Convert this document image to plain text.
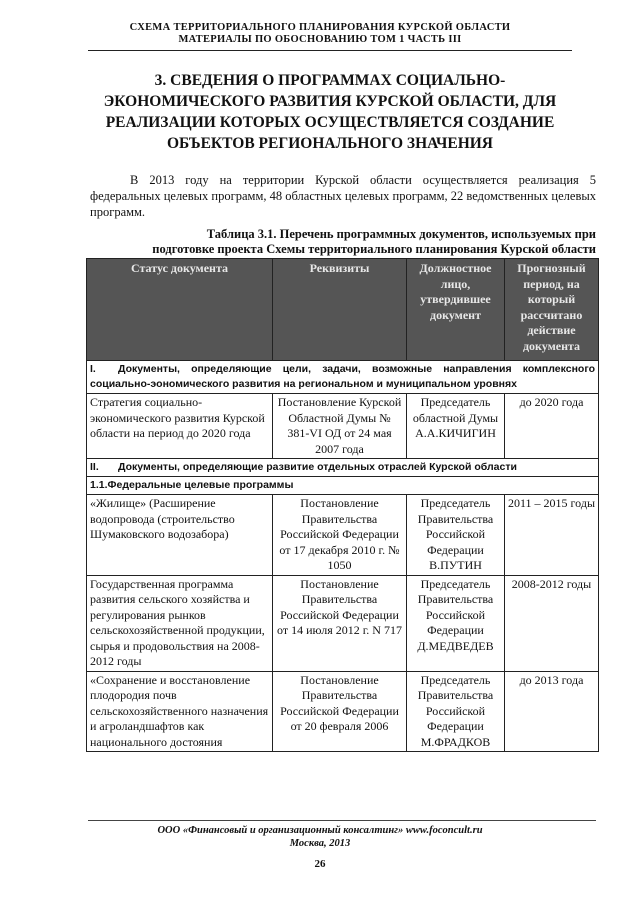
СХЕМА ТЕРРИТОРИАЛЬНОГО ПЛАНИРОВАНИЯ КУРСКОЙ ОБЛАСТИ
МАТЕРИАЛЫ ПО ОБОСНОВАНИЮ ТОМ 1 ЧАСТЬ III
3. СВЕДЕНИЯ О ПРОГРАММАХ СОЦИАЛЬНО-ЭКОНОМИЧЕСКОГО РАЗВИТИЯ КУРСКОЙ ОБЛАСТИ, ДЛЯ РЕАЛИЗАЦИИ КОТОРЫХ ОСУЩЕСТВЛЯЕТСЯ СОЗДАНИЕ ОБЪЕКТОВ РЕГИОНАЛЬНОГО ЗНАЧЕНИЯ

В 2013 году на территории Курской области осуществляется реализация 5 федеральных целевых программ, 48 областных целевых программ, 22 ведомственных целевых программ.

Таблица 3.1. Перечень программных документов, используемых при
подготовке проекта Схемы территориального планирования Курской области
Статус документа	Реквизиты	Должностное лицо, утвердившее документ	Прогнозный период, на который рассчитано действие документа
I. Документы, определяющие цели, задачи, возможные направления комплексного социально-эономического развития на региональном и муниципальном уровнях			
Стратегия социально-экономического развития Курской области на период до 2020 года	Постановление Курской Областной Думы № 381-VI ОД от 24 мая 2007 года	Председатель областной Думы А.А.КИЧИГИН	до 2020 года
II. Документы, определяющие развитие отдельных отраслей Курской области			
1.1.Федеральные целевые программы			
«Жилище» (Расширение водопровода (строительство Шумаковского водозабора)	Постановление Правительства Российской Федерации от 17 декабря 2010 г. № 1050	Председатель Правительства Российской Федерации В.ПУТИН	2011 – 2015 годы
Государственная программа развития сельского хозяйства и регулирования рынков сельскохозяйственной продукции, сырья и продовольствия на 2008-2012 годы	Постановление Правительства Российской Федерации от 14 июля 2012 г. N 717	Председатель Правительства Российской Федерации Д.МЕДВЕДЕВ	2008-2012 годы
«Сохранение и восстановление плодородия почв сельскохозяйственного назначения и агроландшафтов как национального достояния	Постановление Правительства Российской Федерации от 20 февраля 2006	Председатель Правительства Российской Федерации М.ФРАДКОВ	до 2013 года
ООО «Финансовый и организационный консалтинг» www.foconcult.ru
Москва, 2013
26
